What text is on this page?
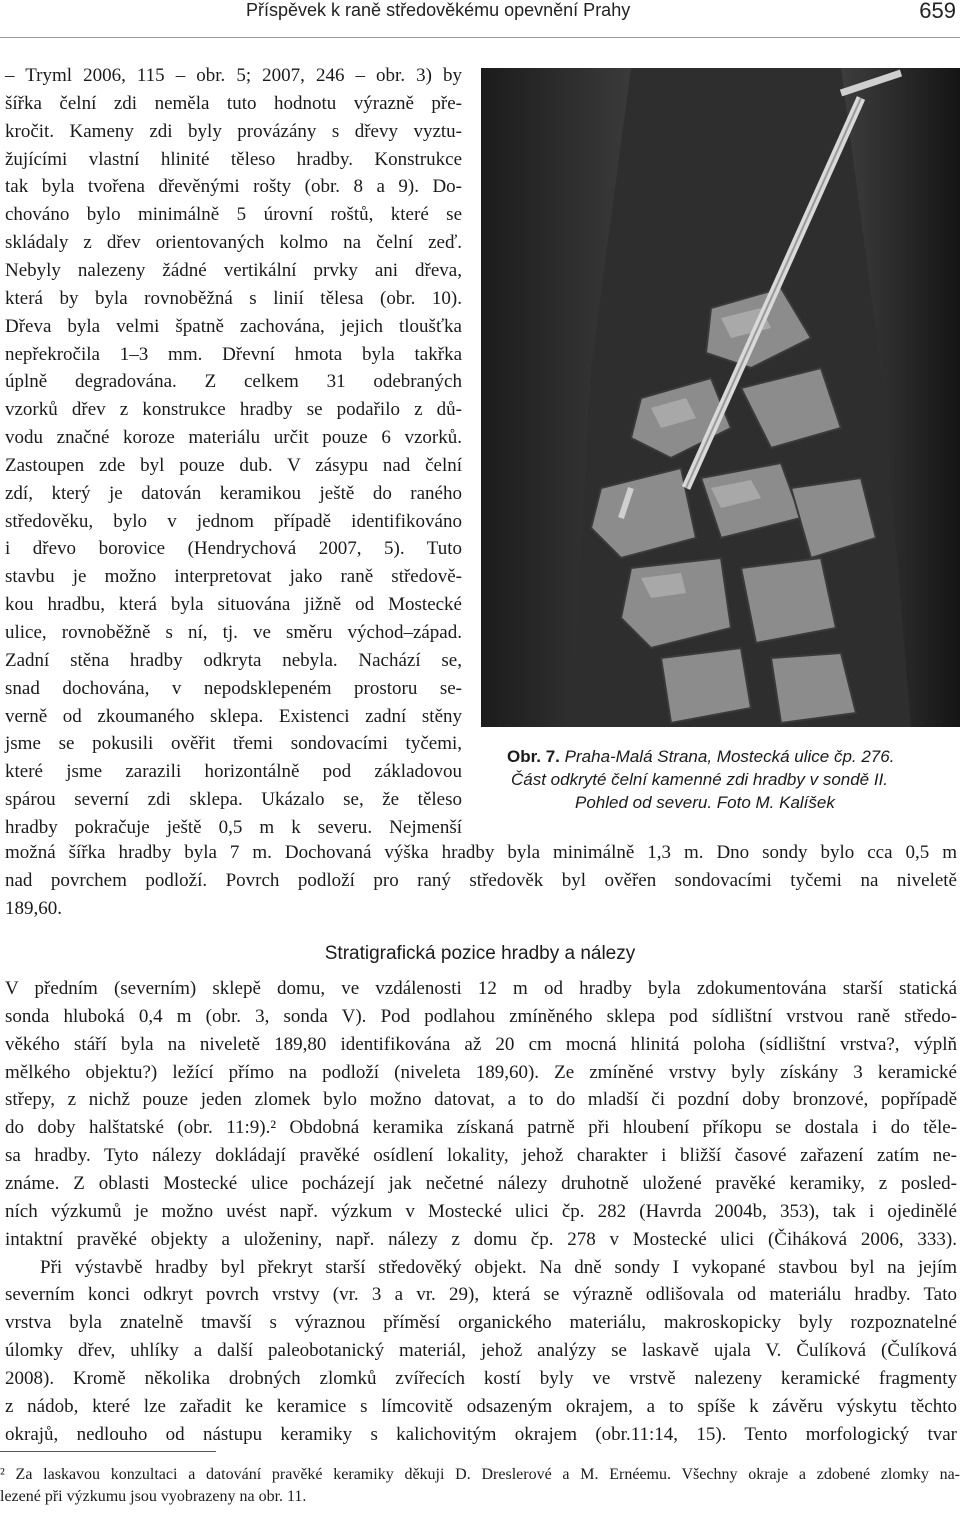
Příspěvek k raně středověkému opevnění Prahy	659
– Tryml 2006, 115 – obr. 5; 2007, 246 – obr. 3) by
šířka čelní zdi neměla tuto hodnotu výrazně pře-
kročit. Kameny zdi byly provázány s dřevy vyztu-
žujícími vlastní hlinité těleso hradby. Konstrukce
tak byla tvořena dřevěnými rošty (obr. 8 a 9). Do-
chováno bylo minimálně 5 úrovní roštů, které se
skládaly z dřev orientovaných kolmo na čelní zeď.
Nebyly nalezeny žádné vertikální prvky ani dřeva,
která by byla rovnoběžná s linií tělesa (obr. 10).
Dřeva byla velmi špatně zachována, jejich tloušťka
nepřekročila 1–3 mm. Dřevní hmota byla takřka
úplně degradována. Z celkem 31 odebraných
vzorků dřev z konstrukce hradby se podařilo z dů-
vodu značné koroze materiálu určit pouze 6 vzorků.
Zastoupen zde byl pouze dub. V zásypu nad čelní
zdí, který je datován keramikou ještě do raného
středověku, bylo v jednom případě identifikováno
i dřevo borovice (Hendrychová 2007, 5). Tuto
stavbu je možno interpretovat jako raně středově-
kou hradbu, která byla situována jižně od Mostecké
ulice, rovnoběžně s ní, tj. ve směru východ–západ.
Zadní stěna hradby odkryta nebyla. Nachází se,
snad dochována, v nepodsklepeném prostoru se-
verně od zkoumaného sklepa. Existenci zadní stěny
jsme se pokusili ověřit třemi sondovacími tyčemi,
které jsme zarazili horizontálně pod základovou
spárou severní zdi sklepa. Ukázalo se, že těleso
hradby pokračuje ještě 0,5 m k severu. Nejmenší
Obr. 7. Praha-Malá Strana, Mostecká ulice čp. 276.
Část odkryté čelní kamenné zdi hradby v sondě II.
Pohled od severu. Foto M. Kalíšek
možná šířka hradby byla 7 m. Dochovaná výška hradby byla minimálně 1,3 m. Dno sondy bylo cca 0,5 m
nad povrchem podloží. Povrch podloží pro raný středověk byl ověřen sondovacími tyčemi na niveletě
189,60.
Stratigrafická pozice hradby a nálezy
V předním (severním) sklepě domu, ve vzdálenosti 12 m od hradby byla zdokumentována starší statická
sonda hluboká 0,4 m (obr. 3, sonda V). Pod podlahou zmíněného sklepa pod sídlištní vrstvou raně středo-
věkého stáří byla na niveletě 189,80 identifikována až 20 cm mocná hlinitá poloha (sídlištní vrstva?, výplň
mělkého objektu?) ležící přímo na podloží (niveleta 189,60). Ze zmíněné vrstvy byly získány 3 keramické
střepy, z nichž pouze jeden zlomek bylo možno datovat, a to do mladší či pozdní doby bronzové, popřípadě
do doby halštatské (obr. 11:9).² Obdobná keramika získaná patrně při hloubení příkopu se dostala i do těle-
sa hradby. Tyto nálezy dokládají pravěké osídlení lokality, jehož charakter i bližší časové zařazení zatím ne-
známe. Z oblasti Mostecké ulice pocházejí jak nečetné nálezy druhotně uložené pravěké keramiky, z posled-
ních výzkumů je možno uvést např. výzkum v Mostecké ulici čp. 282 (Havrda 2004b, 353), tak i ojedinělé
intaktní pravěké objekty a uloženiny, např. nálezy z domu čp. 278 v Mostecké ulici (Čiháková 2006, 333).
Při výstavbě hradby byl překryt starší středověký objekt. Na dně sondy I vykopané stavbou byl na jejím
severním konci odkryt povrch vrstvy (vr. 3 a vr. 29), která se výrazně odlišovala od materiálu hradby. Tato
vrstva byla znatelně tmavší s výraznou příměsí organického materiálu, makroskopicky byly rozpoznatelné
úlomky dřev, uhlíky a další paleobotanický materiál, jehož analýzy se laskavě ujala V. Čulíková (Čulíková
2008). Kromě několika drobných zlomků zvířecích kostí byly ve vrstvě nalezeny keramické fragmenty
z nádob, které lze zařadit ke keramice s límcovitě odsazeným okrajem, a to spíše k závěru výskytu těchto
okrajů, nedlouho od nástupu keramiky s kalichovitým okrajem (obr.11:14, 15). Tento morfologický tvar
² Za laskavou konzultaci a datování pravěké keramiky děkuji D. Dreslerové a M. Ernéemu. Všechny okraje a zdobené zlomky na-
lezené při výzkumu jsou vyobrazeny na obr. 11.
